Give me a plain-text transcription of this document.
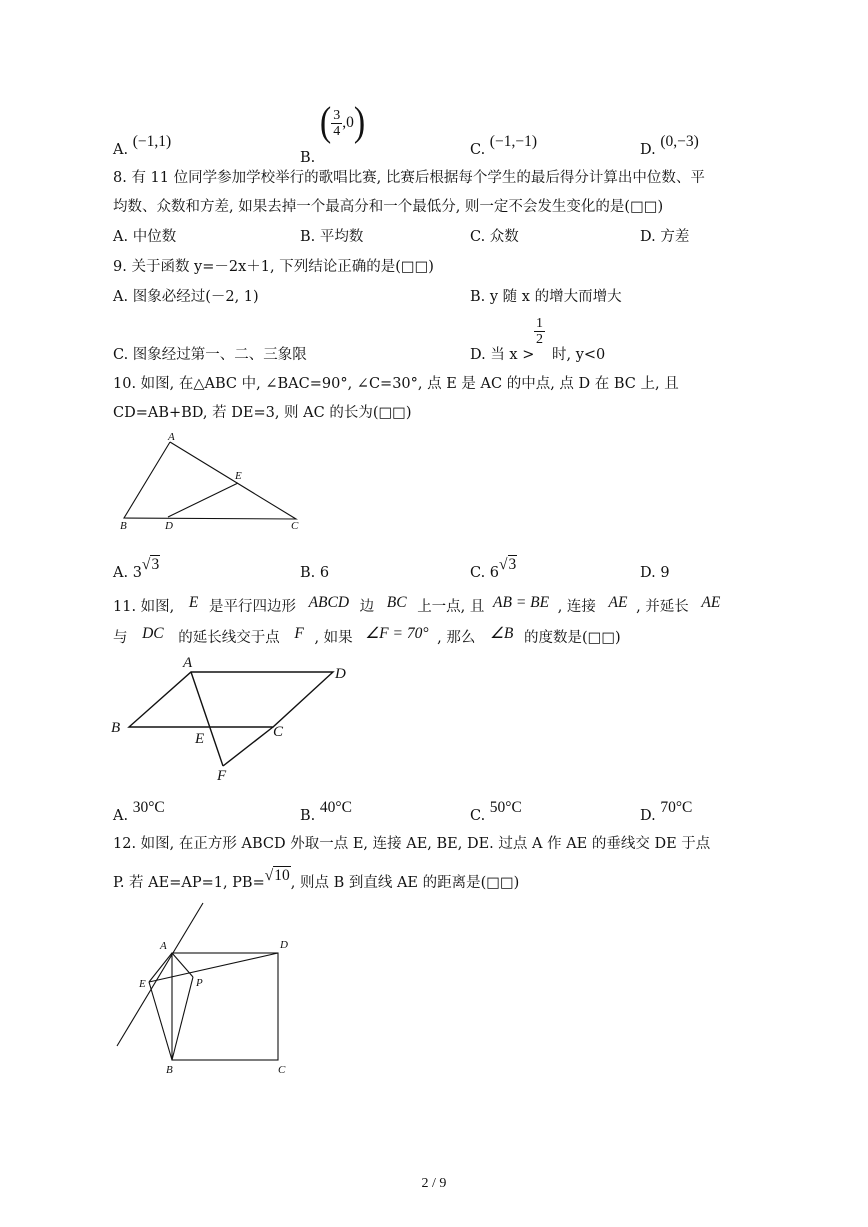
A. (−1,1)
B. ( $\frac{3}{4} ,0$)
C. (−1,−1)	D. (0,−3)
8. 有 11 位同学参加学校举行的歌唱比赛, 比赛后根据每个学生的最后得分计算出中位数、平
均数、众数和方差, 如果去掉一个最高分和一个最低分, 则一定不会发生变化的是(□□)
A. 中位数	B. 平均数	C. 众数	D. 方差
9. 关于函数 y=－2x＋1, 下列结论正确的是(□□)
A. 图象必经过(－2, 1)	B. y 随 x 的增大而增大
C. 图象经过第一、二、三象限	D. 当 x >
$\frac{1}{2}$
时, y<0
10. 如图, 在△ABC 中, ∠BAC=90°, ∠C=30°, 点 E 是 AC 的中点, 点 D 在 BC 上, 且
CD=AB+BD, 若 DE=3, 则 AC 的长为(□□)
A
B	C
D
E
A. 3√3	B. 6	C. 6√3	D. 9
11. 如图, E 是平行四边形 ABCD 边 BC 上一点, 且 AB = BE , 连接 AE , 并延长 AE
与 DC 的延长线交于点 F , 如果 ∠F = 70° , 那么 ∠B 的度数是(□□)
A
D
B
E	C
F
A. 30°C	B. 40°C	C. 50°C	D. 70°C
12. 如图, 在正方形 ABCD 外取一点 E, 连接 AE, BE, DE. 过点 A 作 AE 的垂线交 DE 于点
P. 若 AE=AP=1, PB=√10, 则点 B 到直线 AE 的距离是(□□)
A	D
E	P
B	C
2 / 9
